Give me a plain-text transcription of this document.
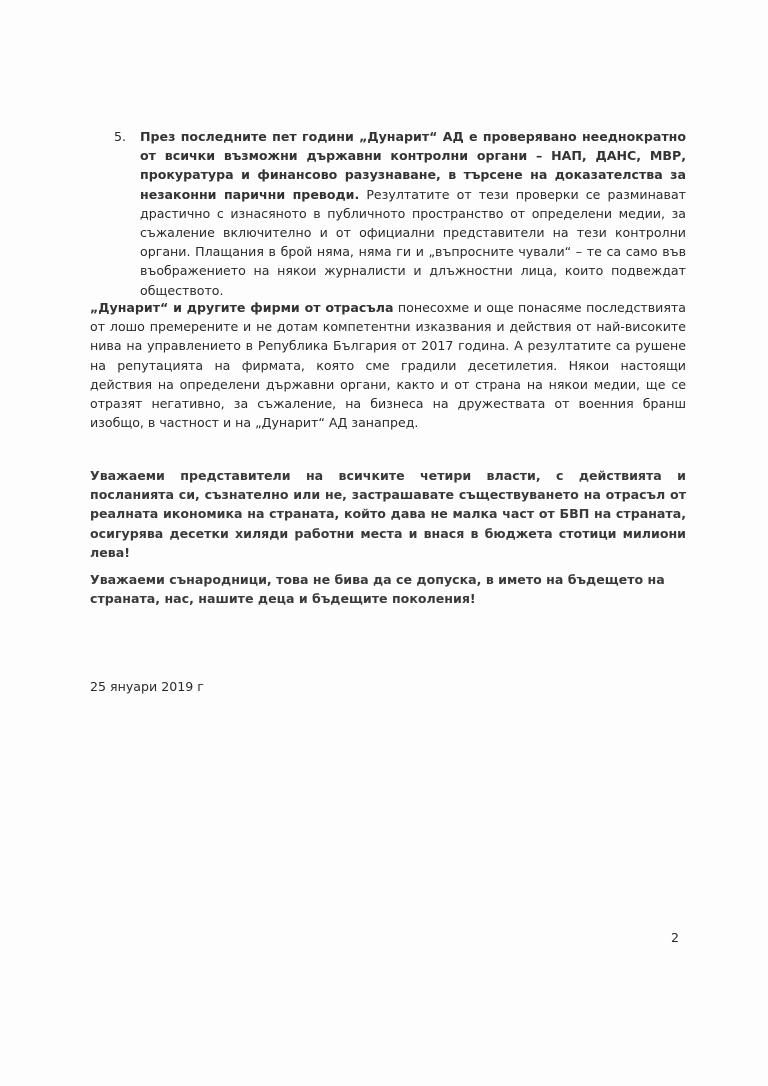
5.	През последните пет години „Дунарит“ АД е проверявано нееднократно от всички възможни държавни контролни органи – НАП, ДАНС, МВР, прокуратура и финансово разузнаване, в търсене на доказателства за незаконни парични преводи. Резултатите от тези проверки се разминават драстично с изнасяното в публичното пространство от определени медии, за съжаление включително и от официални представители на тези контролни органи. Плащания в брой няма, няма ги и „въпросните чували“ – те са само във въображението на някои журналисти и длъжностни лица, които подвеждат обществото.
„Дунарит“ и другите фирми от отрасъла понесохме и още понасяме последствията от лошо премерените и не дотам компетентни изказвания и действия от най-високите нива на управлението в Република България от 2017 година. А резултатите са рушене на репутацията на фирмата, която сме градили десетилетия. Някои настоящи действия на определени държавни органи, както и от страна на някои медии, ще се отразят негативно, за съжаление, на бизнеса на дружествата от военния бранш изобщо, в частност и на „Дунарит“ АД занапред.
Уважаеми представители на всичките четири власти, с действията и посланията си, съзнателно или не, застрашавате съществуването на отрасъл от реалната икономика на страната, който дава не малка част от БВП на страната, осигурява десетки хиляди работни места и внася в бюджета стотици милиони лева!
Уважаеми сънародници, това не бива да се допуска, в името на бъдещето на страната, нас, нашите деца и бъдещите поколения!
25 януари 2019 г
2
